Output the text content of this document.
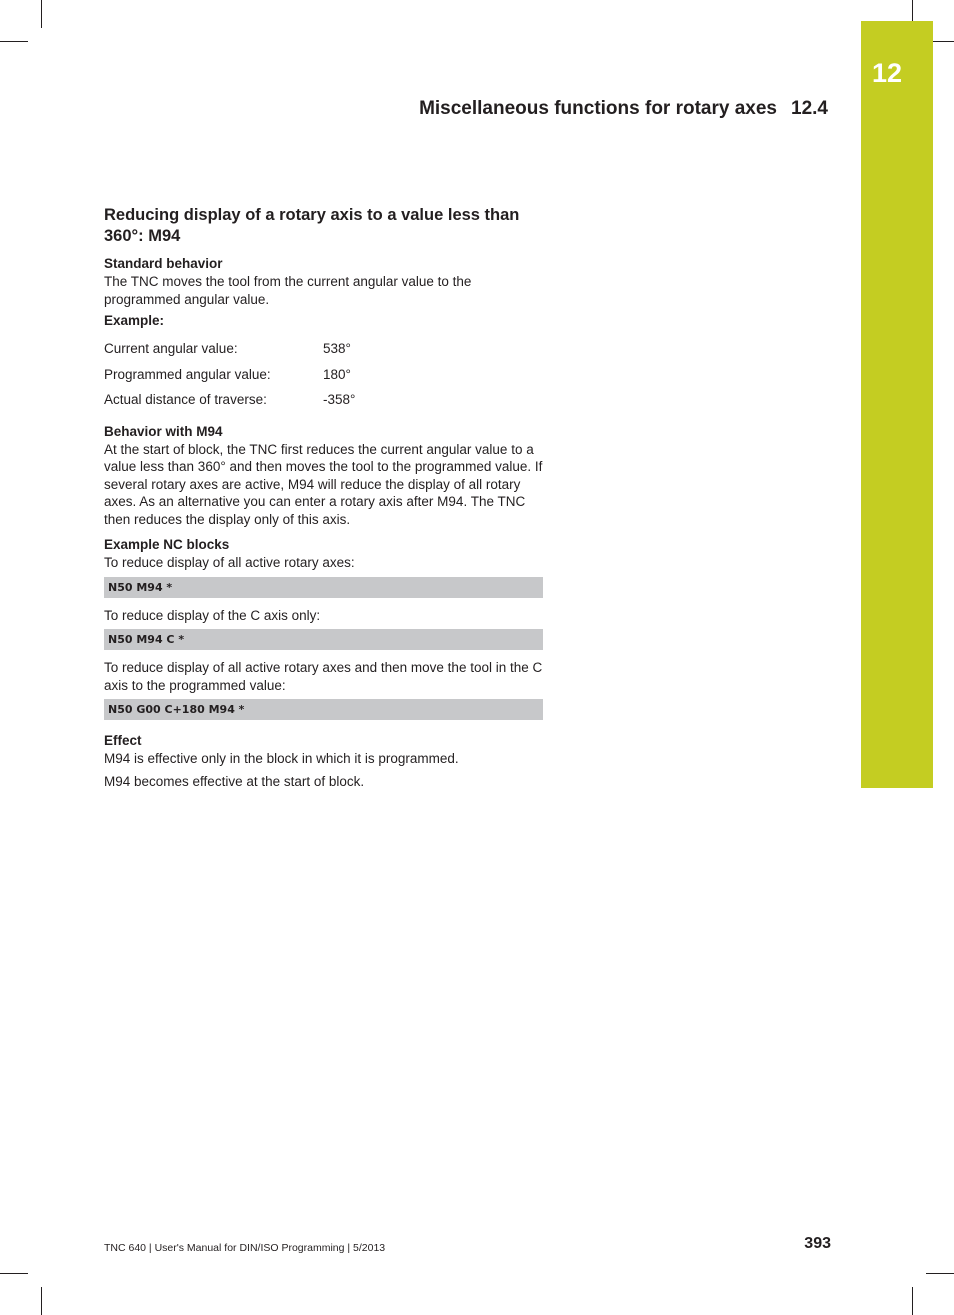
12
Miscellaneous functions for rotary axes 12.4
Reducing display of a rotary axis to a value less than 360°: M94
Standard behavior

The TNC moves the tool from the current angular value to the programmed angular value.

Example:
Current angular value:	538°
Programmed angular value:	180°
Actual distance of traverse:	-358°
Behavior with M94

At the start of block, the TNC first reduces the current angular value to a value less than 360° and then moves the tool to the programmed value. If several rotary axes are active, M94 will reduce the display of all rotary axes. As an alternative you can enter a rotary axis after M94. The TNC then reduces the display only of this axis.

Example NC blocks

To reduce display of all active rotary axes:

N50 M94 *

To reduce display of the C axis only:

N50 M94 C *

To reduce display of all active rotary axes and then move the tool in the C axis to the programmed value:

N50 G00 C+180 M94 *
Effect

M94 is effective only in the block in which it is programmed.

M94 becomes effective at the start of block.

TNC 640 | User's Manual for DIN/ISO Programming | 5/2013	393
